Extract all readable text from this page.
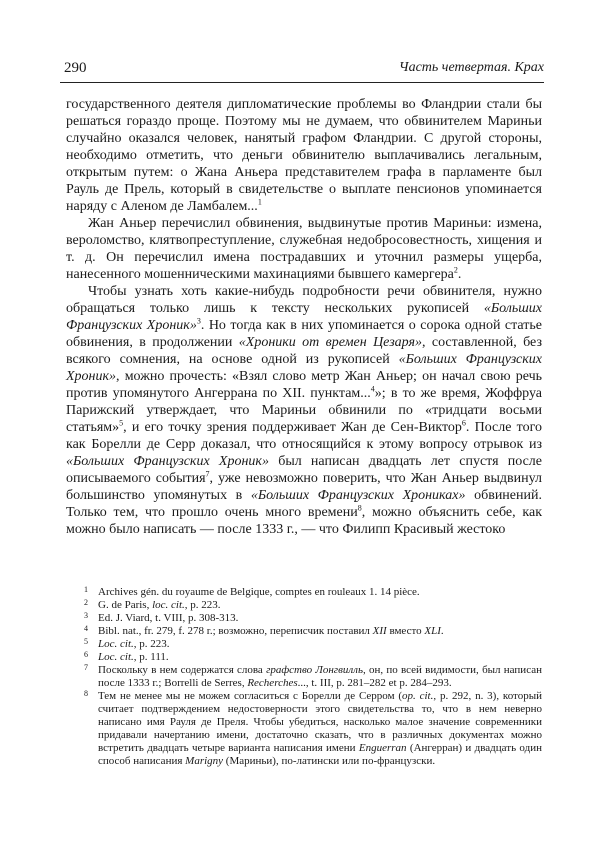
290	Часть четвертая. Крах

государственного деятеля дипломатические проблемы во Фландрии стали бы решаться гораздо проще. Поэтому мы не думаем, что обвинителем Мариньи случайно оказался человек, нанятый графом Фландрии. С другой стороны, необходимо отметить, что деньги обвинителю выплачивались легальным, открытым путем: о Жана Аньера представителем графа в парламенте был Рауль де Прель, который в свидетельстве о выплате пенсионов упоминается наряду с Аленом де Ламбалем...$^1$

Жан Аньер перечислил обвинения, выдвинутые против Мариньи: измена, вероломство, клятвопреступление, служебная недобросовестность, хищения и т. д. Он перечислил имена пострадавших и уточнил размеры ущерба, нанесенного мошенническими махинациями бывшего камергера$^2$.

Чтобы узнать хоть какие-нибудь подробности речи обвинителя, нужно обращаться только лишь к тексту нескольких рукописей «Больших Французских Хроник»$^3$. Но тогда как в них упоминается о сорока одной статье обвинения, в продолжении «Хроники от времен Цезаря», составленной, без всякого сомнения, на основе одной из рукописей «Больших Французских Хроник», можно прочесть: «Взял слово метр Жан Аньер; он начал свою речь против упомянутого Ангеррана по XII. пунктам...$^4$»; в то же время, Жоффруа Парижский утверждает, что Мариньи обвинили по «тридцати восьми статьям»$^5$, и его точку зрения поддерживает Жан де Сен-Виктор$^6$. После того как Борелли де Серр доказал, что относящийся к этому вопросу отрывок из «Больших Французских Хроник» был написан двадцать лет спустя после описываемого события$^7$, уже невозможно поверить, что Жан Аньер выдвинул большинство упомянутых в «Больших Французских Хрониках» обвинений. Только тем, что прошло очень много времени$^8$, можно объяснить себе, как можно было написать — после 1333 г., — что Филипп Красивый жестоко

1 Archives gén. du royaume de Belgique, comptes en rouleaux 1. 14 pièce.

2 G. de Paris, loc. cit., p. 223.

3 Ed. J. Viard, t. VIII, p. 308-313.

4 Bibl. nat., fr. 279, f. 278 r.; возможно, переписчик поставил XII вместо XLI.

5 Loc. cit., p. 223.

6 Loc. cit., p. 111.

7 Поскольку в нем содержатся слова графство Лонгвилль, он, по всей видимости, был написан после 1333 г.; Borrelli de Serres, Recherches..., t. III, p. 281–282 et p. 284–293.

8 Тем не менее мы не можем согласиться с Борелли де Серром (op. cit., p. 292, n. 3), который считает подтверждением недостоверности этого свидетельства то, что в нем неверно написано имя Рауля де Преля. Чтобы убедиться, насколько малое значение современники придавали начертанию имени, достаточно сказать, что в различных документах можно встретить двадцать четыре варианта написания имени Enguerran (Ангерран) и двадцать один способ написания Marigny (Мариньи), по-латински или по-французски.
